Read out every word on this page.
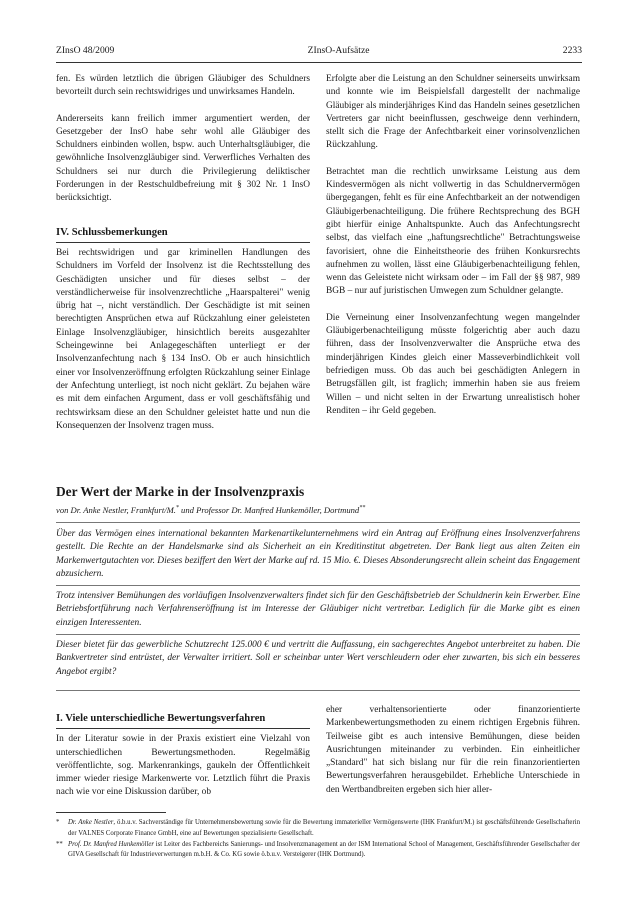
ZInsO 48/2009	ZInsO-Aufsätze	2233

fen. Es würden letztlich die übrigen Gläubiger des Schuldners bevorteilt durch sein rechtswidriges und unwirksames Handeln.

Andererseits kann freilich immer argumentiert werden, der Gesetzgeber der InsO habe sehr wohl alle Gläubiger des Schuldners einbinden wollen, bspw. auch Unterhaltsgläubiger, die gewöhnliche Insolvenzgläubiger sind. Verwerfliches Verhalten des Schuldners sei nur durch die Privilegierung deliktischer Forderungen in der Restschuldbefreiung mit § 302 Nr. 1 InsO berücksichtigt.

IV. Schlussbemerkungen

Bei rechtswidrigen und gar kriminellen Handlungen des Schuldners im Vorfeld der Insolvenz ist die Rechtsstellung des Geschädigten unsicher und für dieses selbst – der verständlicherweise für insolvenzrechtliche „Haarspalterei" wenig übrig hat –, nicht verständlich. Der Geschädigte ist mit seinen berechtigten Ansprüchen etwa auf Rückzahlung einer geleisteten Einlage Insolvenzgläubiger, hinsichtlich bereits ausgezahlter Scheingewinne bei Anlagegeschäften unterliegt er der Insolvenzanfechtung nach § 134 InsO. Ob er auch hinsichtlich einer vor Insolvenzeröffnung erfolgten Rückzahlung seiner Einlage der Anfechtung unterliegt, ist noch nicht geklärt. Zu bejahen wäre es mit dem einfachen Argument, dass er voll geschäftsfähig und rechtswirksam diese an den Schuldner geleistet hatte und nun die Konsequenzen der Insolvenz tragen muss.

Erfolgte aber die Leistung an den Schuldner seinerseits unwirksam und konnte wie im Beispielsfall dargestellt der nachmalige Gläubiger als minderjähriges Kind das Handeln seines gesetzlichen Vertreters gar nicht beeinflussen, geschweige denn verhindern, stellt sich die Frage der Anfechtbarkeit einer vorinsolvenzlichen Rückzahlung.

Betrachtet man die rechtlich unwirksame Leistung aus dem Kindesvermögen als nicht vollwertig in das Schuldnervermögen übergegangen, fehlt es für eine Anfechtbarkeit an der notwendigen Gläubigerbenachteiligung. Die frühere Rechtsprechung des BGH gibt hierfür einige Anhaltspunkte. Auch das Anfechtungsrecht selbst, das vielfach eine „haftungsrechtliche" Betrachtungsweise favorisiert, ohne die Einheitstheorie des frühen Konkursrechts aufnehmen zu wollen, lässt eine Gläubigerbenachteiligung fehlen, wenn das Geleistete nicht wirksam oder – im Fall der §§ 987, 989 BGB – nur auf juristischen Umwegen zum Schuldner gelangte.

Die Verneinung einer Insolvenzanfechtung wegen mangelnder Gläubigerbenachteiligung müsste folgerichtig aber auch dazu führen, dass der Insolvenzverwalter die Ansprüche etwa des minderjährigen Kindes gleich einer Masseverbindlichkeit voll befriedigen muss. Ob das auch bei geschädigten Anlegern in Betrugsfällen gilt, ist fraglich; immerhin haben sie aus freiem Willen – und nicht selten in der Erwartung unrealistisch hoher Renditen – ihr Geld gegeben.

Der Wert der Marke in der Insolvenzpraxis
von Dr. Anke Nestler, Frankfurt/M.* und Professor Dr. Manfred Hunkemöller, Dortmund**

Über das Vermögen eines international bekannten Markenartikelunternehmens wird ein Antrag auf Eröffnung eines Insolvenzverfahrens gestellt. Die Rechte an der Handelsmarke sind als Sicherheit an ein Kreditinstitut abgetreten. Der Bank liegt aus alten Zeiten ein Markenwertgutachten vor. Dieses beziffert den Wert der Marke auf rd. 15 Mio. €. Dieses Absonderungsrecht allein scheint das Engagement abzusichern.

Trotz intensiver Bemühungen des vorläufigen Insolvenzverwalters findet sich für den Geschäftsbetrieb der Schuldnerin kein Erwerber. Eine Betriebsfortführung nach Verfahrenseröffnung ist im Interesse der Gläubiger nicht vertretbar. Lediglich für die Marke gibt es einen einzigen Interessenten.

Dieser bietet für das gewerbliche Schutzrecht 125.000 € und vertritt die Auffassung, ein sachgerechtes Angebot unterbreitet zu haben. Die Bankvertreter sind entrüstet, der Verwalter irritiert. Soll er scheinbar unter Wert verschleudern oder eher zuwarten, bis sich ein besseres Angebot ergibt?

I. Viele unterschiedliche Bewertungsverfahren

In der Literatur sowie in der Praxis existiert eine Vielzahl von unterschiedlichen Bewertungsmethoden. Regelmäßig veröffentlichte, sog. Markenrankings, gaukeln der Öffentlichkeit immer wieder riesige Markenwerte vor. Letztlich führt die Praxis nach wie vor eine Diskussion darüber, ob

eher verhaltensorientierte oder finanzorientierte Markenbewertungsmethoden zu einem richtigen Ergebnis führen. Teilweise gibt es auch intensive Bemühungen, diese beiden Ausrichtungen miteinander zu verbinden. Ein einheitlicher „Standard" hat sich bislang nur für die rein finanzorientierten Bewertungsverfahren herausgebildet. Erhebliche Unterschiede in den Wertbandbreiten ergeben sich hier aller-

*	Dr. Anke Nestler, ö.b.u.v. Sachverständige für Unternehmensbewertung sowie für die Bewertung immaterieller Vermögenswerte (IHK Frankfurt/M.) ist geschäftsführende Gesellschafterin der VALNES Corporate Finance GmbH, eine auf Bewertungen spezialisierte Gesellschaft.
** Prof. Dr. Manfred Hunkemöller ist Leiter des Fachbereichs Sanierungs- und Insolvenzmanagement an der ISM International School of Management, Geschäftsführender Gesellschafter der GIVA Gesellschaft für Industrieverwertungen m.b.H. & Co. KG sowie ö.b.u.v. Versteigerer (IHK Dortmund).
